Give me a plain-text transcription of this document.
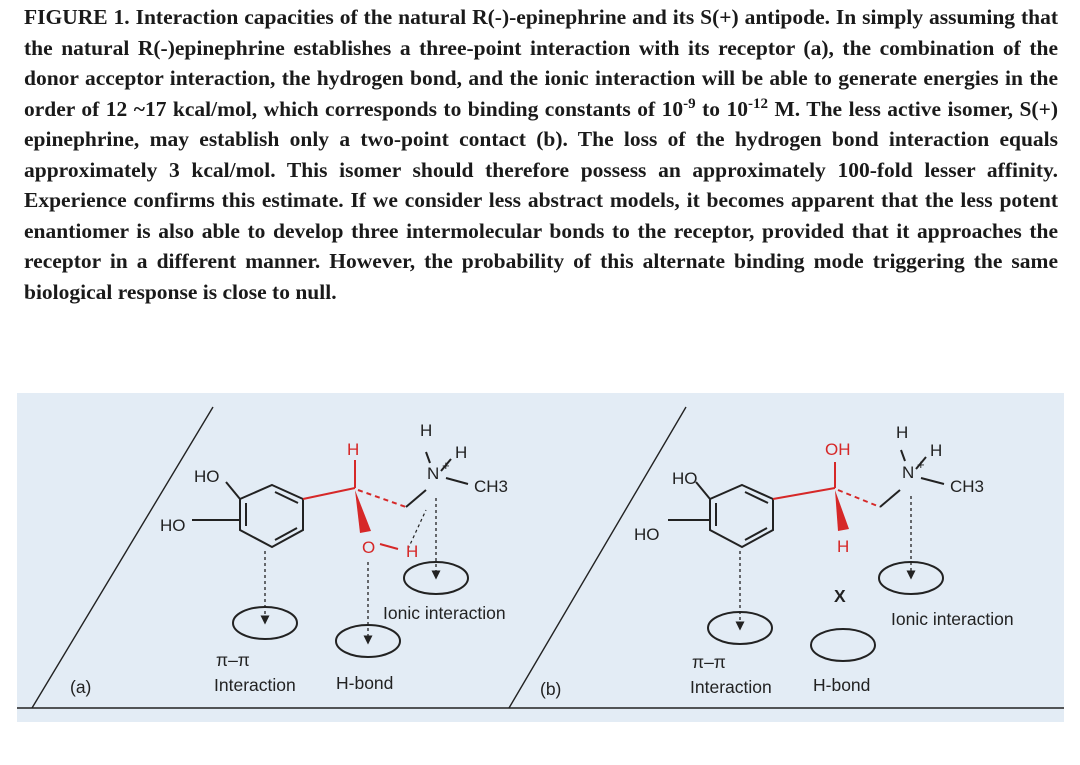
FIGURE 1. Interaction capacities of the natural R(-)-epinephrine and its S(+) antipode. In simply assuming that the natural R(-)epinephrine establishes a three-point interaction with its receptor (a), the combination of the donor acceptor interaction, the hydrogen bond, and the ionic interaction will be able to generate energies in the order of 12 ~17 kcal/mol, which corresponds to binding constants of $10^{-9}$ to $10^{-12}$ M. The less active isomer, S(+) epinephrine, may establish only a two-point contact (b). The loss of the hydrogen bond interaction equals approximately 3 kcal/mol. This isomer should therefore possess an approximately 100-fold lesser affinity. Experience confirms this estimate. If we consider less abstract models, it becomes apparent that the less potent enantiomer is also able to develop three intermolecular bonds to the receptor, provided that it approaches the receptor in a different manner. However, the probability of this alternate binding mode triggering the same biological response is close to null.

HO
HO
H
O H
H
N +
H
CH3
π–π
Interaction H-bond
Ionic interaction
(a)
HO
HO
OH
H
H
N +
H
CH3
X
π–π
Interaction H-bond
Ionic interaction
(b)
